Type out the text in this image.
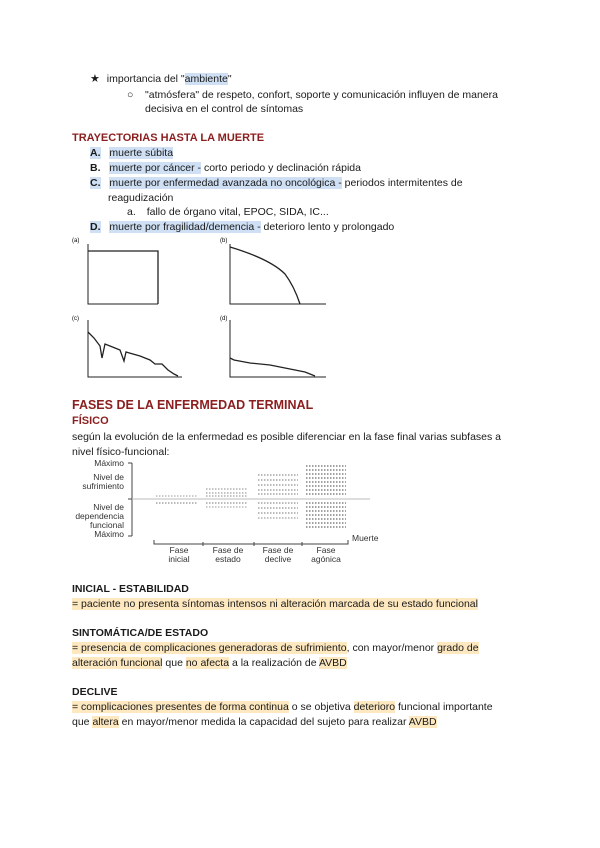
★ importancia del "ambiente"
○ "atmósfera" de respeto, confort, soporte y comunicación influyen de manera
decisiva en el control de síntomas
TRAYECTORIAS HASTA LA MUERTE
A. muerte súbita
B. muerte por cáncer - corto periodo y declinación rápida
C. muerte por enfermedad avanzada no oncológica - periodos intermitentes de
reagudización
a. fallo de órgano vital, EPOC, SIDA, IC...
D. muerte por fragilidad/demencia - deterioro lento y prolongado
(a)	(b)
(c)	(d)
FASES DE LA ENFERMEDAD TERMINAL
FÍSICO
según la evolución de la enfermedad es posible diferenciar en la fase final varias subfases a
nivel físico-funcional:
Máximo
Nivel de
sufrimiento
Nivel de
dependencia
funcional
Máximo	Muerte
Fase
inicial
Fase de
estado
Fase de
declive
Fase
agónica
INICIAL - ESTABILIDAD
= paciente no presenta síntomas intensos ni alteración marcada de su estado funcional
SINTOMÁTICA/DE ESTADO
= presencia de complicaciones generadoras de sufrimiento, con mayor/menor grado de
alteración funcional que no afecta a la realización de AVBD
DECLIVE
= complicaciones presentes de forma continua o se objetiva deterioro funcional importante
que altera en mayor/menor medida la capacidad del sujeto para realizar AVBD
